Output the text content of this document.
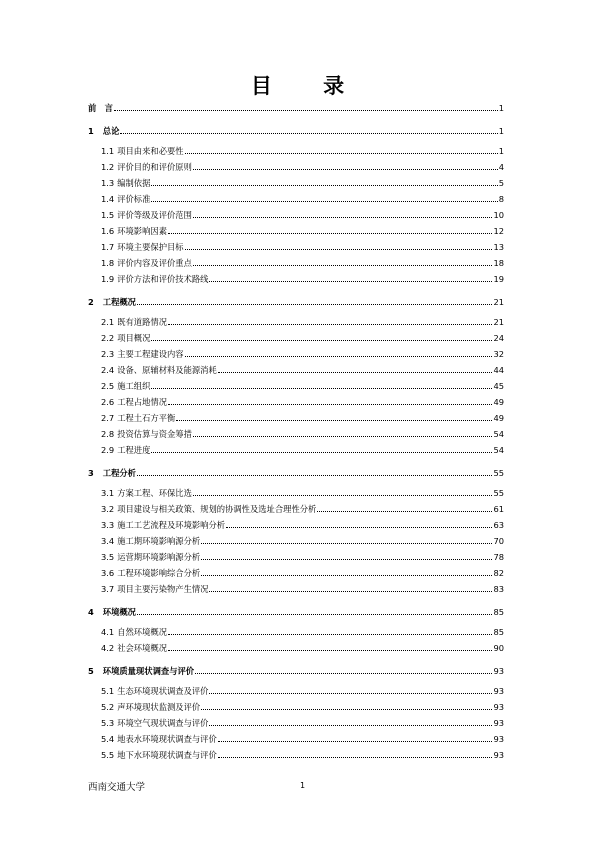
目 录
前　言	1
1 总论	1
1.1 项目由来和必要性	1
1.2 评价目的和评价原则	4
1.3 编制依据	5
1.4 评价标准	8
1.5 评价等级及评价范围	10
1.6 环境影响因素	12
1.7 环境主要保护目标	13
1.8 评价内容及评价重点	18
1.9 评价方法和评价技术路线	19
2 工程概况	21
2.1 既有道路情况	21
2.2 项目概况	24
2.3 主要工程建设内容	32
2.4 设备、原辅材料及能源消耗	44
2.5 施工组织	45
2.6 工程占地情况	49
2.7 工程土石方平衡	49
2.8 投资估算与资金筹措	54
2.9 工程进度	54
3 工程分析	55
3.1 方案工程、环保比选	55
3.2 项目建设与相关政策、规划的协调性及选址合理性分析	61
3.3 施工工艺流程及环境影响分析	63
3.4 施工期环境影响源分析	70
3.5 运营期环境影响源分析	78
3.6 工程环境影响综合分析	82
3.7 项目主要污染物产生情况	83
4 环境概况	85
4.1 自然环境概况	85
4.2 社会环境概况	90
5 环境质量现状调查与评价	93
5.1 生态环境现状调查及评价	93
5.2 声环境现状监测及评价	93
5.3 环境空气现状调查与评价	93
5.4 地表水环境现状调查与评价	93
5.5 地下水环境现状调查与评价	93
西南交通大学	1
